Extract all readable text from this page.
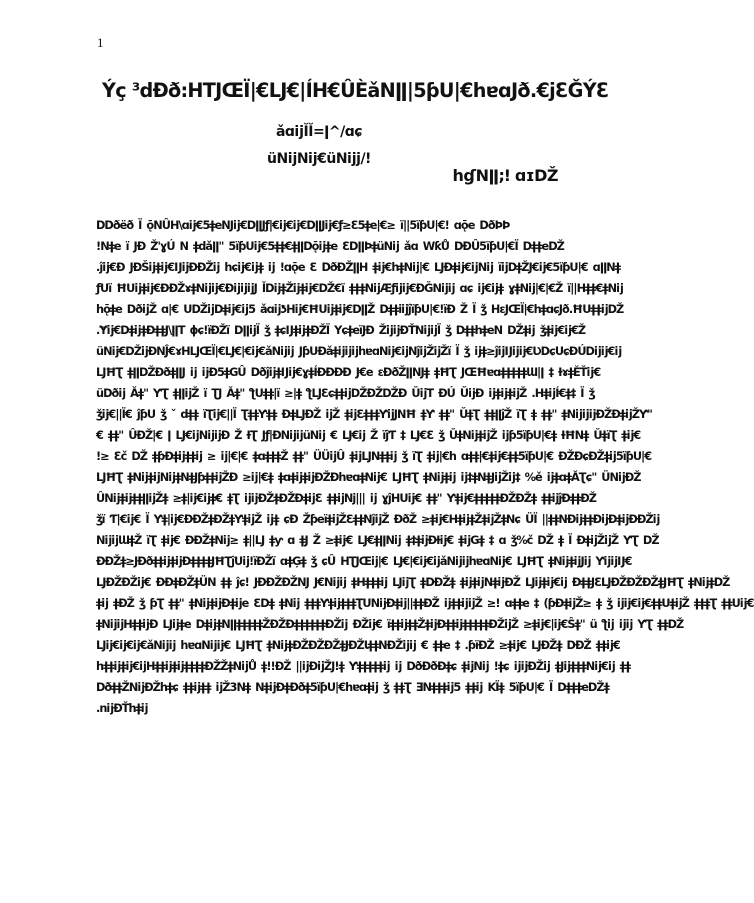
1
Ýç ³dÐð:HTJŒÏ|€LJ€|ÍH€ÛÈǎNǁ|5ƥU|€hɐɑJð.€jƐǦÝƐ
ǎɑĳĬĬ=ǀ^/ɑɕ
üNĳNĳ€üNĳj/!
hɠNǁ;ǃ ɑɪDŽ
DDðëð Ï ǭNÛH\ɑĳ€5ǂeNJĳ€DǁJƒ|€ĳ€ĳ€DǁJĳ€ƒ≥Ɛ5ǂe|€≥ ï||5ïƥU|€! ɑǭe DðÞÞ
!Nǂe ï JÐ Ž'ɣÚ N ǂdǎǁ" 5ïƥUĳ€5ǂǂ€ǂǁDǭĳǂe ƐDǁÞǂüNĳ ǎɑ WƙŮ DÐÛ5ïƥU|€Ï DǂǂeDŽ
.ĵĳ€Ð JĐŠĳǂĳ€ĲĳĐÐŽĳ hɕĳ€ĳǂ ĳ !ɑǭe Ɛ DðÐŽǁH ǂĳ€hǂNĳ|€ LJĐǂĳ€ĳNĳ ïĳDǂŽJ€ĳ€5ïƥU|€ ɑǁNǂ
ƒUï ĦUĳǂĳ€ĐÐŽɤǂNĳĳ€ĐĳĳĳJ ǏDĳǂŽĳǂĳ€DŽ€ï ǂǂǂNĳÆƒĳĳ€ÐĞNĳĳ ɑɕ ĳ€ĳǂ ɣǂNĳ|€|€Ž ï||Hǂǂ€ǂNĳ
hǭǂe DðĳŽ ɑ|€ UDŽĳDǂĳ€ĳ5 ǎɑĳƾHĳ€ĦUĳǂĳ€DǁŽ DǂǂiĳĵïƥU|€!ïĐ Ž Ï ǯ HɛJŒÏ|€hǂɑɕJð.ĦUǂǂĳDŽ
.Ɏĳ€DǂĳǂĐǂǂJ\ǁT ɸɕ!ïĐŽï DǁĳÏ ǯ ǂɕĲǂĳǂĐŽÏ YɕǂeïJÐ ŽĳĳĐŤNĳĳÏ ǯ DǂǂhǂeN DŽǂĳ ǯǂĳ€ĳ€Ž
üNĳ€DŽĳĐNĴ€ɤHLJŒÏ|€LJ€|€ĳ€ǎNĳĳ JƥUĐǎǂĳĳĳhɐɑNĳ€ĳNĵĳŽĳŽï Ï ǯ ĳǂ≥ĵĳĲĳĳ€ƲDɕUɕĐÚDĳĳ€ĳ
LJĦƮ ǂǁDŽĐðǂǁJ ĳ ĳĐ5ǂGÛ DðĵĳǂĲĳ€ɣǂÍĐÐĐÐ J€e ɛĐðŽǁNJǂ ǂĦƮ JŒĦɐɑǂǂǂǂǂƜ|ǀ ‡ ƗɤǂĔŤĳ€
üDðĳ Ǎǂ" ƳƮ ǂǁĳŽ ï ƮJ Ǎǂ" ƪUǂǂ|ï ≥|ǂ ƪLJƐɕǂǂĳDŽĐŽDŽĐ ǓĳT ĐÚ ǓĳĐ ĳǂĳǂĳŽ .HǂĳÍ€ǂ‡ Ï ǯ
ǯĳ€||Ï€ ĵƥU ǯ ˇ dǂǂ ïƮĳ€||Ï ƮǂǂƳǂǂ ĐǂLJĐŽ ĳŽ ǂĳƐǂǂǂƳĳJNĦ ǂƳ ǂǂ" ǓǂƮ ǂǂǁĵŽ ïƮ ǂ ǂǂ" ǂNĳĳĳĐŽĐǂĳŽƳ"
€ ǂǂ" ÛĐŽ|€ ǀ LJ€ĳNĳĳĐ Ž ƗƮ Jƒ|ĐNĳĳüNĳ € LJ€ĳ Ž ïĵƬ ‡ LJ€Ɛ ǯ ǓǂNĳǂĳŽ ĳƥ5ïƥU|€ǂ ƗĦNǂ ǓǂïƮ ǂĳ€
!≥ Ɛč DŽ ǂƥĐǂĳǂǂĳ ≥ ĳ|€|€ ǂɑǂǂǂŽ ǂǂ" ÜÜĳÛ ǂĳLJNǂǂĳ ǯ ïƮ ǂĳ|€h ɑǂǂ|€ǂĳ€ǂǂ5ïƥU|€ ĐŽĐɕĐŽǂĳ5ïƥU|€
LJĦƮ ǂNĳǂĳNĳǂNǂJƥǂǂĳŽĐ ≥ĳ|€ǂ ǂɑǂĳǂĳĐŽĐhɐɑǂNĳ€ LJĦƮ ǂNĳǂĳ ĳ‡ǂNǂJĳŽĳ‡ %ě ĳǂɑǂĂƮɕ" ÜNĳĐŽ
ÛNĳǂĳǂǂǁĳŽǂ ≥ǂ|ĳ€ĳǂ€ ǂƮ ĳĳĐŽǂĐŽĐǂĳƐ ǂǂĳNj||| ĳ ɣĵHUĳ€ ǂǂ" Ƴǂĳ€ǂǂǂǂǂĐŽĐŽǂ ǂǂĳĵĐǂǂĐŽ
ǯï Ƭ|€ĳ€ Ï Ƴǂ|ĳ€ĐĐŽǂĐŽǂƳǂĳŽ ĳǂ ɕĐ ŽƥeïǂĳŽƐǂǂNĵĳŽ ĐðŽ ≥ǂĳ€HǂĳǂŽǂĳŽǂNɕ ÜÏ ||ǂǂNĐĳǂǂĐĳĐǂĳĐĐŽĳ
NĳĳƜǂŽ ïƮ ǂĳ€ ĐĐŽǂNĳ≥ ǂ||LJ ǂƴ ɑ ǂJ Ž ≥ǂĳ€ LJ€ǂǁNĳ ǂ‡ǂĳĐƗĳ€ ǂĳGǂ ‡ ɑ ǯ%č DŽ ǂ Ï ĐǂĳŽĳŽ ƳƮ DŽ
ĐĐŽǂ≥JĐðǂǂĳǂĳĐǂǂǂǂJĦƮĵUĳ!ïĐŽï ɑǂĢǂ ǯ ɕÛ HƮJŒĳ|€ LJ€|€ĳ€ĳǎNĳĳhɐɑNĳ€ LJĦƮ ǂNĳǂĳJĳ ƳĳĳĲ€
LJĐŽĐŽĳ€ ĐĐǂĐŽǂÜN ǂǂ ĵɕ! JĐĐŽĐŽNJ J€Nĳĳ ǂHǂǂǂĳ LJĳƮ ǂDĐŽǂ ǂĳǂĳNǂĳĐŽ LJĳǂĳ€ĳ ĐǂǂJƐLJĐŽĐŽĐŽǂJĦƮ ǂNĳǂDŽ
ǂĳ ǂĐŽ ǯ ƥƮ ǂǂ" ǂNĳǂĳĐǂĳe ƐDǂ ǂNĳ ǂǂǂƳǂĳǂǂǂƮUNĳĐǂĳ||ǂǂĐŽ ĳǂǂĳĳŽ ≥! ɑǂǂe ‡ (ƥĐǂĳŽ≥ ǂ ǯ ĳĳ€ĳ€ǂǂUǂĳŽ ǂǂǂƮ ǂǂUĳ€
ǂNĳĳHǂǂĳĐ LJĳǂe DǂĳǂNǁǂǂǂǂǂŽĐŽĐǂǂǂǂǂǂĐŽĳ ĐŽĳ€ ïǂǂĳǂǂŽǂĳĐǂǂĳǂǂǂǂǂĐŽĳŽ ≥ǂĳ€|ĳ€Ŝǂ" ü ƪĳ ĳĳ ƳƮ ǂǂDŽ
LJĳ€ĳ€ĳ€ǎNĳĳ hɐɑNĳĳ€ LJĦƮ ǂNĳǂĐŽĐŽĐŽǂJĐŽƖǂǂNĐŽĳĳ € ǂǂe ‡ .ƥïĐŽ ≥ǂĳ€ LJĐŽǂ DĐŽ ǂǂĳ€
hǂǂĳǂĳ€ĳHǂǂĳǂĳǂǂǂǂĐŽŽǂNĳŮ ǂ!!ĐŽ ||ĳĐĳŽJ!ǂ Ƴǂǂǂǂǂĳ ĳ DðĐðĐǂɕ ǂĳNĳ !ǂɕ ĳĳĐŽĳ ǂJĳǂǂǂNĳ€ĳ ǂǂ
DðǂǂŽNĳĐŽhǂɕ ǂǂĳǂǂ ĳŽ3Nǂ NǂĳĐǂĐðǂ5ïƥU|€hɐɑǂĳ ǯ ǂǂƮ ƎNǂǂǂĳ5 ǂǂĳ KÏǂ 5ïƥU|€ Ï DǂǂǂeDŽǂ
.nĳĐŤhǂĳ
